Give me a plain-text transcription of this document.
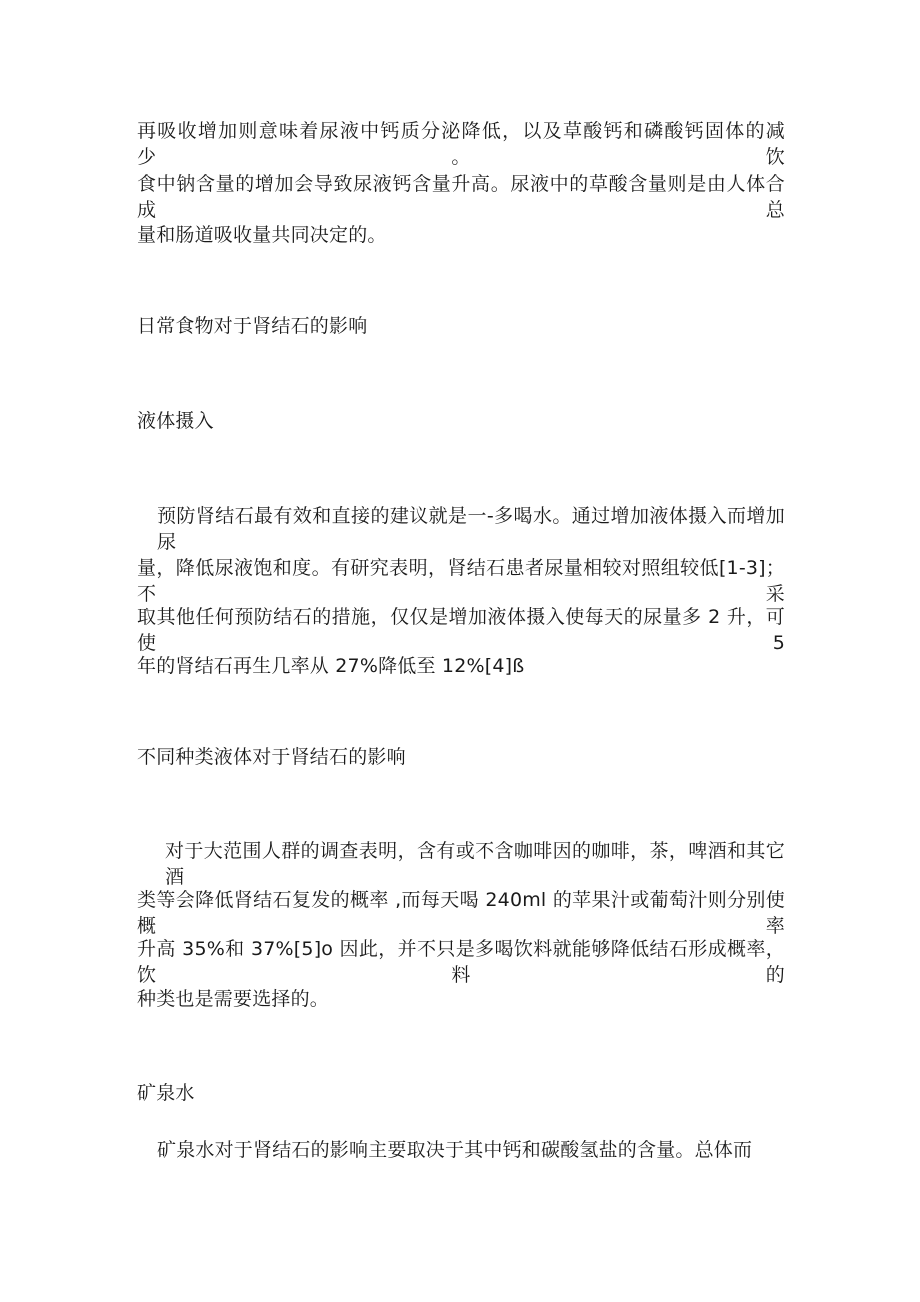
再吸收增加则意味着尿液中钙质分泌降低，以及草酸钙和磷酸钙固体的减少。饮
食中钠含量的增加会导致尿液钙含量升高。尿液中的草酸含量则是由人体合成总
量和肠道吸收量共同决定的。
日常食物对于肾结石的影响
液体摄入
预防肾结石最有效和直接的建议就是一-多喝水。通过增加液体摄入而增加尿
量，降低尿液饱和度。有研究表明，肾结石患者尿量相较对照组较低[1-3]；不采
取其他任何预防结石的措施，仅仅是增加液体摄入使每天的尿量多 2 升，可使 5
年的肾结石再生几率从 27%降低至 12%[4]ß
不同种类液体对于肾结石的影响
对于大范围人群的调查表明，含有或不含咖啡因的咖啡，茶，啤酒和其它酒
类等会降低肾结石复发的概率 ,而每天喝 240ml 的苹果汁或葡萄汁则分别使概率
升高 35%和 37%[5]o 因此，并不只是多喝饮料就能够降低结石形成概率，饮料的
种类也是需要选择的。
矿泉水
矿泉水对于肾结石的影响主要取决于其中钙和碳酸氢盐的含量。总体而
